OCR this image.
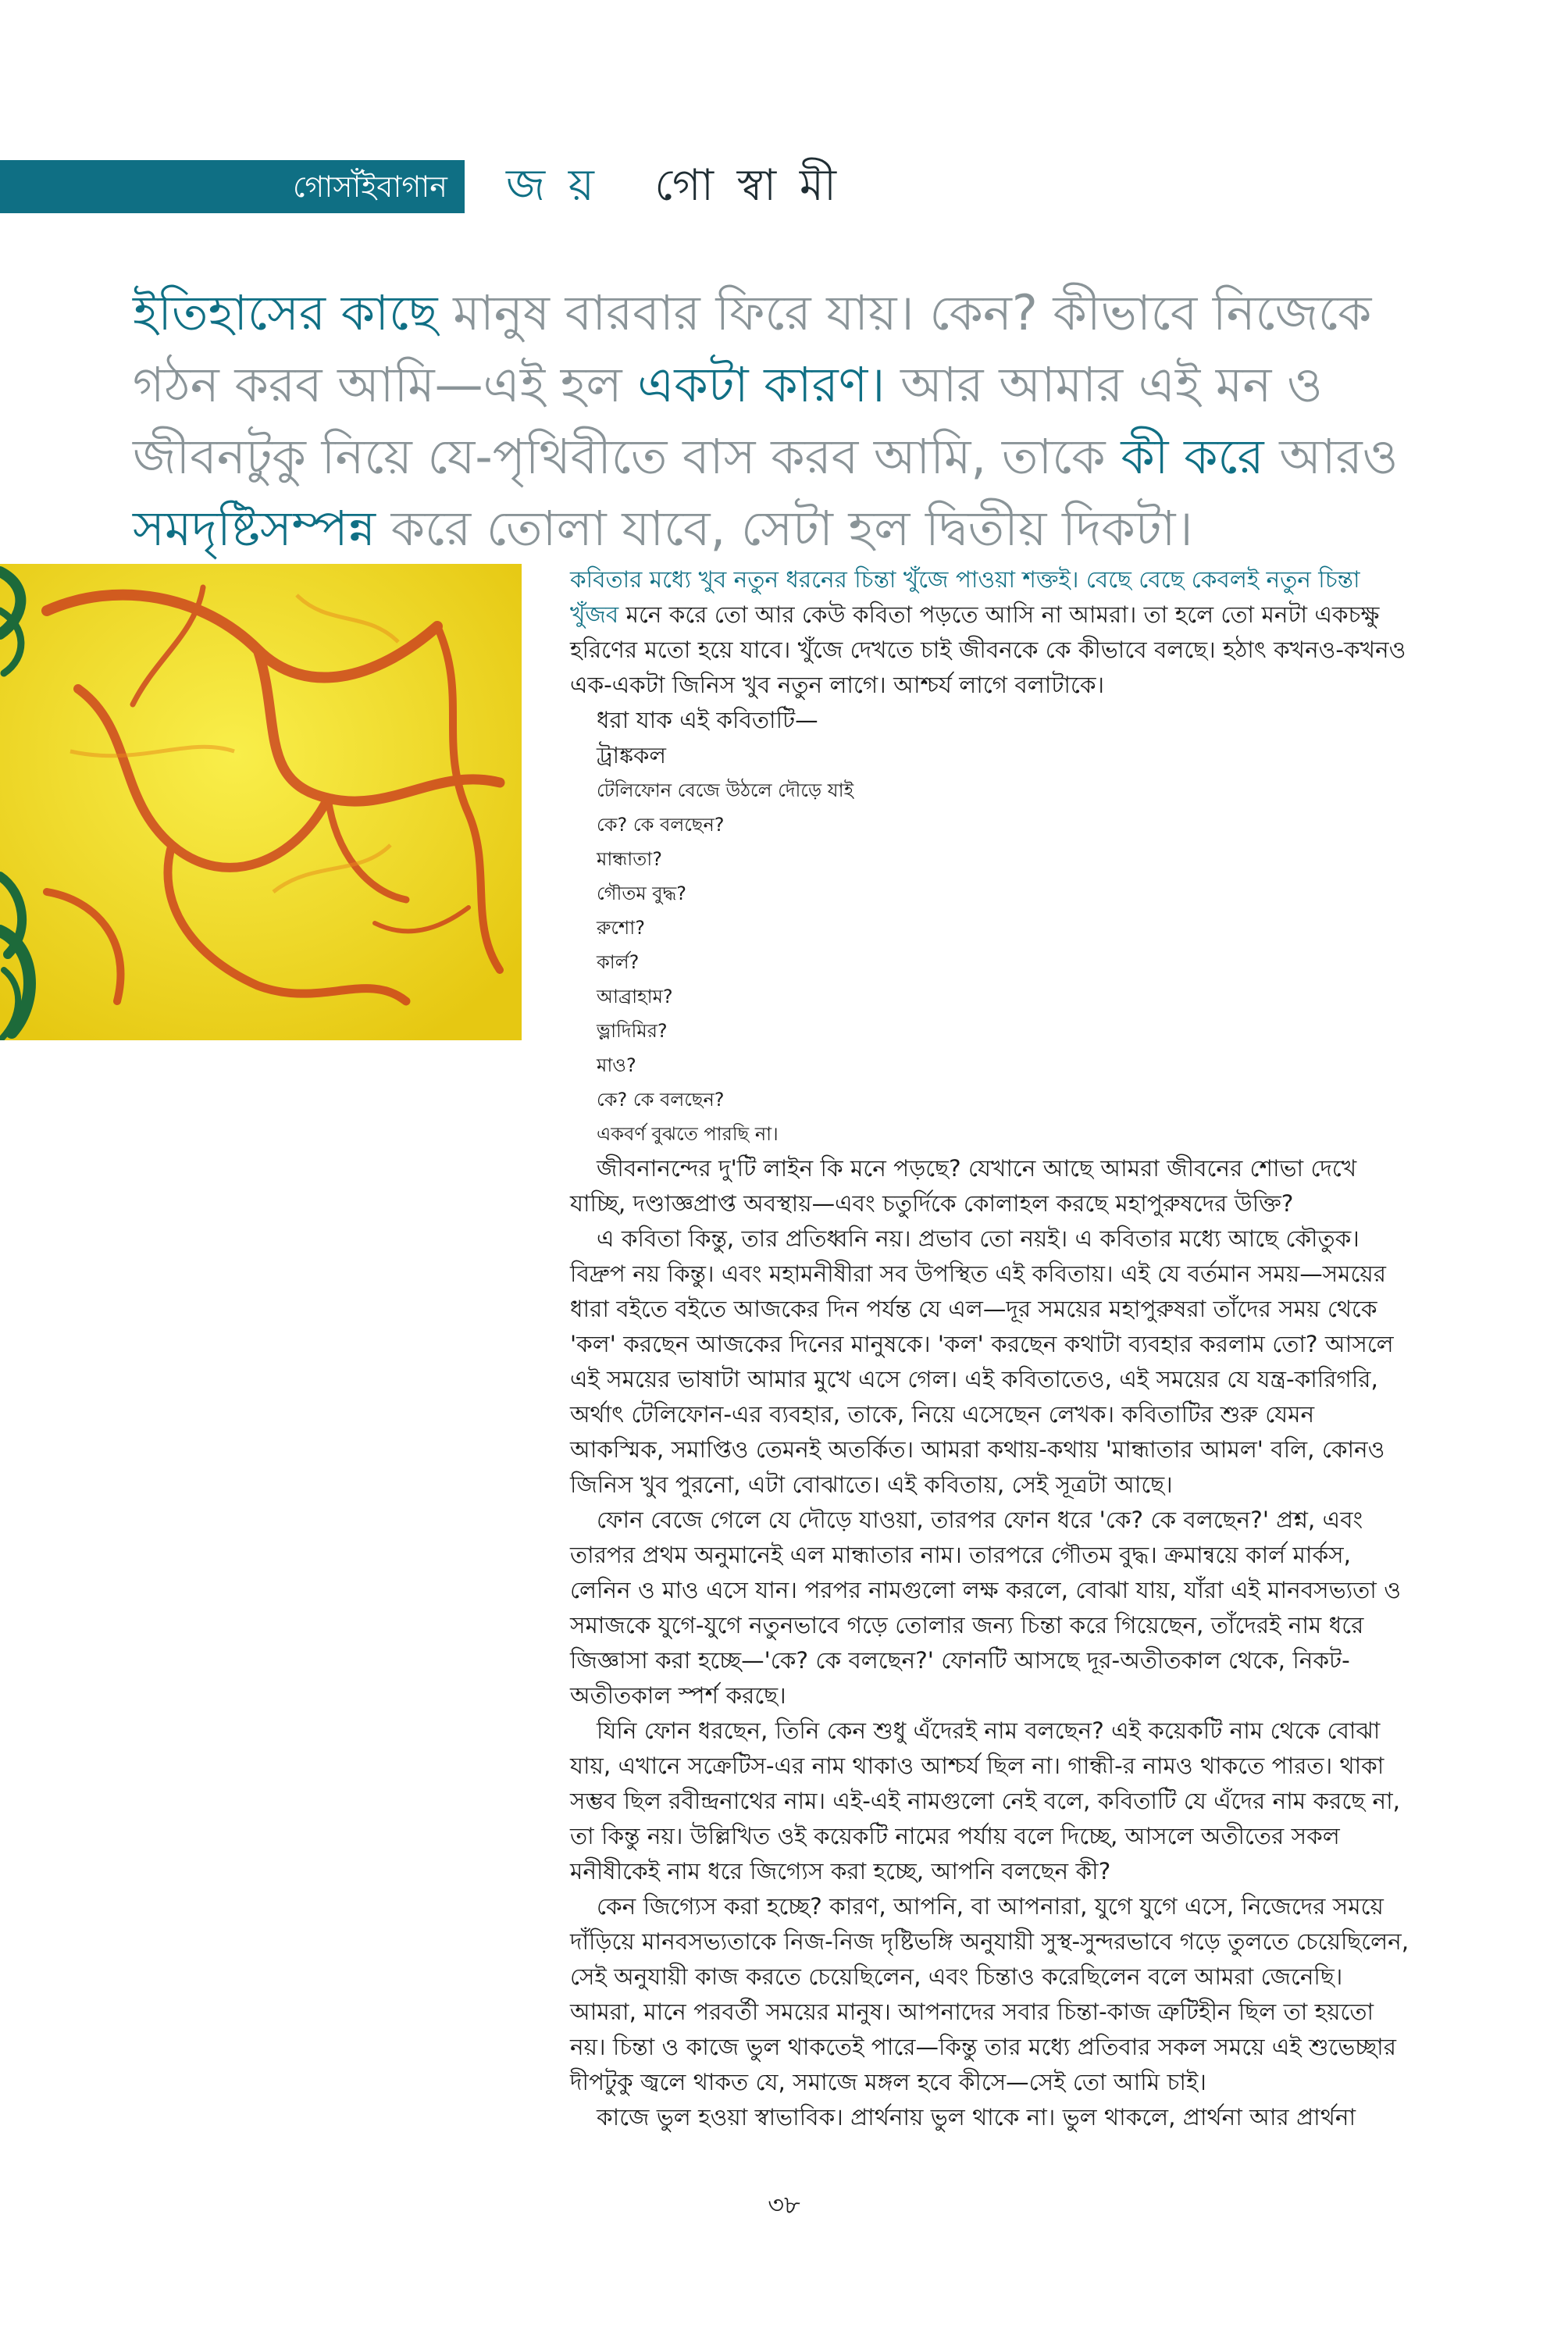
গোসাঁইবাগান জ য় গো স্বা মী

ইতিহাসের কাছে মানুষ বারবার ফিরে যায়। কেন? কীভাবে নিজেকে গঠন করব আমি—এই হল একটা কারণ। আর আমার এই মন ও জীবনটুকু নিয়ে যে-পৃথিবীতে বাস করব আমি, তাকে কী করে আরও সমদৃষ্টিসম্পন্ন করে তোলা যাবে, সেটা হল দ্বিতীয় দিকটা।

কবিতার মধ্যে খুব নতুন ধরনের চিন্তা খুঁজে পাওয়া শক্তই। বেছে বেছে কেবলই নতুন চিন্তা খুঁজব মনে করে তো আর কেউ কবিতা পড়তে আসি না আমরা। তা হলে তো মনটা একচক্ষু হরিণের মতো হয়ে যাবে। খুঁজে দেখতে চাই জীবনকে কে কীভাবে বলছে। হঠাৎ কখনও-কখনও এক-একটা জিনিস খুব নতুন লাগে। আশ্চর্য লাগে বলাটাকে।

ধরা যাক এই কবিতাটি—

ট্রাঙ্ককল
টেলিফোন বেজে উঠলে দৌড়ে যাই
কে? কে বলছেন?
মান্ধাতা?
গৌতম বুদ্ধ?
রুশো?
কার্ল?
আব্রাহাম?
ভ্লাদিমির?
মাও?
কে? কে বলছেন?
একবর্ণ বুঝতে পারছি না।

জীবনানন্দের দু'টি লাইন কি মনে পড়ছে? যেখানে আছে আমরা জীবনের শোভা দেখে যাচ্ছি, দণ্ডাজ্ঞপ্রাপ্ত অবস্থায়—এবং চতুর্দিকে কোলাহল করছে মহাপুরুষদের উক্তি?

এ কবিতা কিন্তু, তার প্রতিধ্বনি নয়। প্রভাব তো নয়ই। এ কবিতার মধ্যে আছে কৌতুক। বিদ্রুপ নয় কিন্তু। এবং মহামনীষীরা সব উপস্থিত এই কবিতায়। এই যে বর্তমান সময়—সময়ের ধারা বইতে বইতে আজকের দিন পর্যন্ত যে এল—দূর সময়ের মহাপুরুষরা তাঁদের সময় থেকে 'কল' করছেন আজকের দিনের মানুষকে। 'কল' করছেন কথাটা ব্যবহার করলাম তো? আসলে এই সময়ের ভাষাটা আমার মুখে এসে গেল। এই কবিতাতেও, এই সময়ের যে যন্ত্র-কারিগরি, অর্থাৎ টেলিফোন-এর ব্যবহার, তাকে, নিয়ে এসেছেন লেখক। কবিতাটির শুরু যেমন আকস্মিক, সমাপ্তিও তেমনই অতর্কিত। আমরা কথায়-কথায় 'মান্ধাতার আমল' বলি, কোনও জিনিস খুব পুরনো, এটা বোঝাতে। এই কবিতায়, সেই সূত্রটা আছে।

ফোন বেজে গেলে যে দৌড়ে যাওয়া, তারপর ফোন ধরে 'কে? কে বলছেন?' প্রশ্ন, এবং তারপর প্রথম অনুমানেই এল মান্ধাতার নাম। তারপরে গৌতম বুদ্ধ। ক্রমান্বয়ে কার্ল মার্কস, লেনিন ও মাও এসে যান। পরপর নামগুলো লক্ষ করলে, বোঝা যায়, যাঁরা এই মানবসভ্যতা ও সমাজকে যুগে-যুগে নতুনভাবে গড়ে তোলার জন্য চিন্তা করে গিয়েছেন, তাঁদেরই নাম ধরে জিজ্ঞাসা করা হচ্ছে—'কে? কে বলছেন?' ফোনটি আসছে দূর-অতীতকাল থেকে, নিকট-অতীতকাল স্পর্শ করছে।

যিনি ফোন ধরছেন, তিনি কেন শুধু এঁদেরই নাম বলছেন? এই কয়েকটি নাম থেকে বোঝা যায়, এখানে সক্রেটিস-এর নাম থাকাও আশ্চর্য ছিল না। গান্ধী-র নামও থাকতে পারত। থাকা সম্ভব ছিল রবীন্দ্রনাথের নাম। এই-এই নামগুলো নেই বলে, কবিতাটি যে এঁদের নাম করছে না, তা কিন্তু নয়। উল্লিখিত ওই কয়েকটি নামের পর্যায় বলে দিচ্ছে, আসলে অতীতের সকল মনীষীকেই নাম ধরে জিগ্যেস করা হচ্ছে, আপনি বলছেন কী?

কেন জিগ্যেস করা হচ্ছে? কারণ, আপনি, বা আপনারা, যুগে যুগে এসে, নিজেদের সময়ে দাঁড়িয়ে মানবসভ্যতাকে নিজ-নিজ দৃষ্টিভঙ্গি অনুযায়ী সুস্থ-সুন্দরভাবে গড়ে তুলতে চেয়েছিলেন, সেই অনুযায়ী কাজ করতে চেয়েছিলেন, এবং চিন্তাও করেছিলেন বলে আমরা জেনেছি। আমরা, মানে পরবর্তী সময়ের মানুষ। আপনাদের সবার চিন্তা-কাজ ত্রুটিহীন ছিল তা হয়তো নয়। চিন্তা ও কাজে ভুল থাকতেই পারে—কিন্তু তার মধ্যে প্রতিবার সকল সময়ে এই শুভেচ্ছার দীপটুকু জ্বলে থাকত যে, সমাজে মঙ্গল হবে কীসে—সেই তো আমি চাই।

কাজে ভুল হওয়া স্বাভাবিক। প্রার্থনায় ভুল থাকে না। ভুল থাকলে, প্রার্থনা আর প্রার্থনা

৩৮
